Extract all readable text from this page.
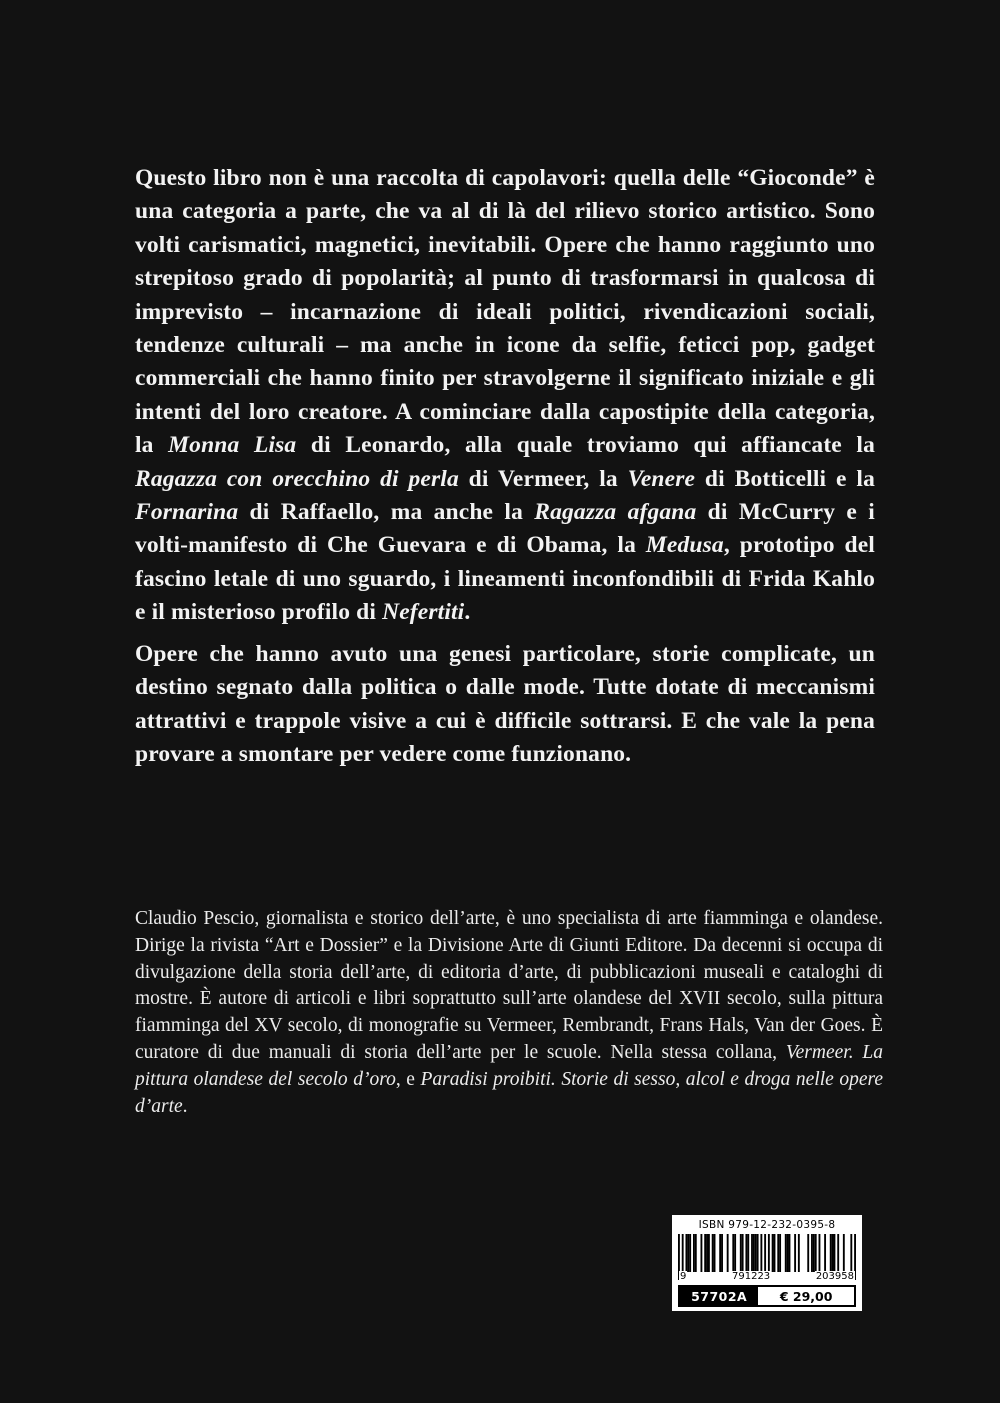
Questo libro non è una raccolta di capolavori: quella delle “Gioconde” è una categoria a parte, che va al di là del rilievo storico artistico. Sono volti carismatici, magnetici, inevitabili. Opere che hanno raggiunto uno strepitoso grado di popolarità; al punto di trasformarsi in qualcosa di imprevisto – incarnazione di ideali politici, rivendicazioni sociali, tendenze culturali – ma anche in icone da selfie, feticci pop, gadget commerciali che hanno finito per stravolgerne il significato iniziale e gli intenti del loro creatore. A cominciare dalla capostipite della categoria, la Monna Lisa di Leonardo, alla quale troviamo qui affiancate la Ragazza con orecchino di perla di Vermeer, la Venere di Botticelli e la Fornarina di Raffaello, ma anche la Ragazza afgana di McCurry e i volti-manifesto di Che Guevara e di Obama, la Medusa, prototipo del fascino letale di uno sguardo, i lineamenti inconfondibili di Frida Kahlo e il misterioso profilo di Nefertiti.

Opere che hanno avuto una genesi particolare, storie complicate, un destino segnato dalla politica o dalle mode. Tutte dotate di meccanismi attrattivi e trappole visive a cui è difficile sottrarsi. E che vale la pena provare a smontare per vedere come funzionano.

Claudio Pescio, giornalista e storico dell’arte, è uno specialista di arte fiamminga e olandese. Dirige la rivista “Art e Dossier” e la Divisione Arte di Giunti Editore. Da decenni si occupa di divulgazione della storia dell’arte, di editoria d’arte, di pubblicazioni museali e cataloghi di mostre. È autore di articoli e libri soprattutto sull’arte olandese del XVII secolo, sulla pittura fiamminga del XV secolo, di monografie su Vermeer, Rembrandt, Frans Hals, Van der Goes. È curatore di due manuali di storia dell’arte per le scuole. Nella stessa collana, Vermeer. La pittura olandese del secolo d’oro, e Paradisi proibiti. Storie di sesso, alcol e droga nelle opere d’arte.
ISBN 979-12-232-0395-8
9	791223	203958
57702A	€ 29,00
